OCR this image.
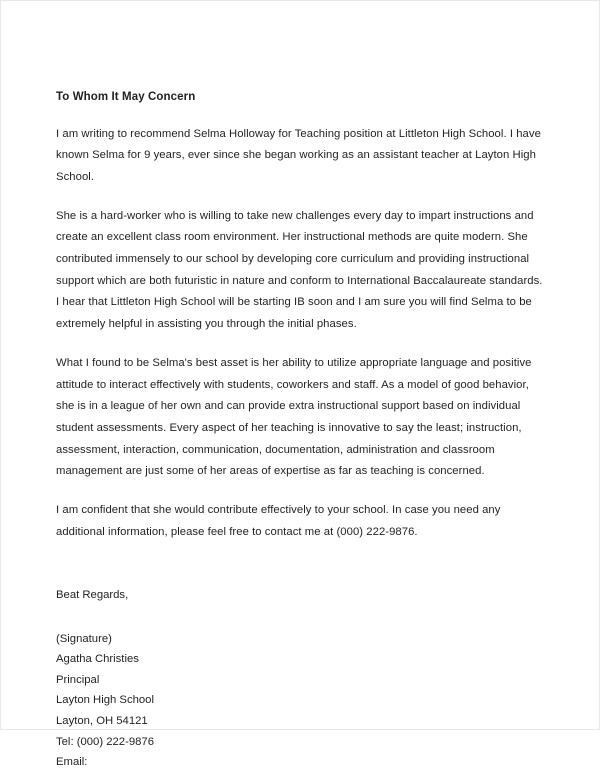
To Whom It May Concern

I am writing to recommend Selma Holloway for Teaching position at Littleton High School. I have known Selma for 9 years, ever since she began working as an assistant teacher at Layton High School.

She is a hard-worker who is willing to take new challenges every day to impart instructions and create an excellent class room environment. Her instructional methods are quite modern. She contributed immensely to our school by developing core curriculum and providing instructional support which are both futuristic in nature and conform to International Baccalaureate standards. I hear that Littleton High School will be starting IB soon and I am sure you will find Selma to be extremely helpful in assisting you through the initial phases.

What I found to be Selma's best asset is her ability to utilize appropriate language and positive attitude to interact effectively with students, coworkers and staff. As a model of good behavior, she is in a league of her own and can provide extra instructional support based on individual student assessments. Every aspect of her teaching is innovative to say the least; instruction, assessment, interaction, communication, documentation, administration and classroom management are just some of her areas of expertise as far as teaching is concerned.

I am confident that she would contribute effectively to your school. In case you need any additional information, please feel free to contact me at (000) 222-9876.

Beat Regards,

(Signature)

Agatha Christies

Principal

Layton High School

Layton, OH 54121

Tel: (000) 222-9876

Email:
